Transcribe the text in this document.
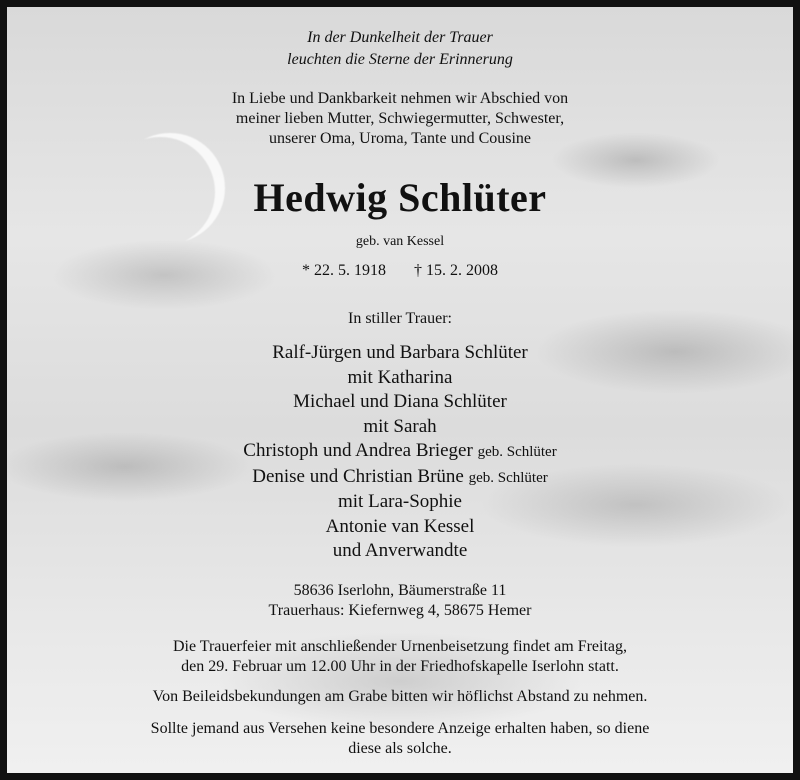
In der Dunkelheit der Trauer
leuchten die Sterne der Erinnerung
In Liebe und Dankbarkeit nehmen wir Abschied von
meiner lieben Mutter, Schwiegermutter, Schwester,
unserer Oma, Uroma, Tante und Cousine
Hedwig Schlüter
geb. van Kessel
* 22. 5. 1918 † 15. 2. 2008
In stiller Trauer:
Ralf-Jürgen und Barbara Schlüter
mit Katharina
Michael und Diana Schlüter
mit Sarah
Christoph und Andrea Brieger geb. Schlüter
Denise und Christian Brüne geb. Schlüter
mit Lara-Sophie
Antonie van Kessel
und Anverwandte
58636 Iserlohn, Bäumerstraße 11
Trauerhaus: Kiefernweg 4, 58675 Hemer
Die Trauerfeier mit anschließender Urnenbeisetzung findet am Freitag,
den 29. Februar um 12.00 Uhr in der Friedhofskapelle Iserlohn statt.
Von Beileidsbekundungen am Grabe bitten wir höflichst Abstand zu nehmen.
Sollte jemand aus Versehen keine besondere Anzeige erhalten haben, so diene
diese als solche.
